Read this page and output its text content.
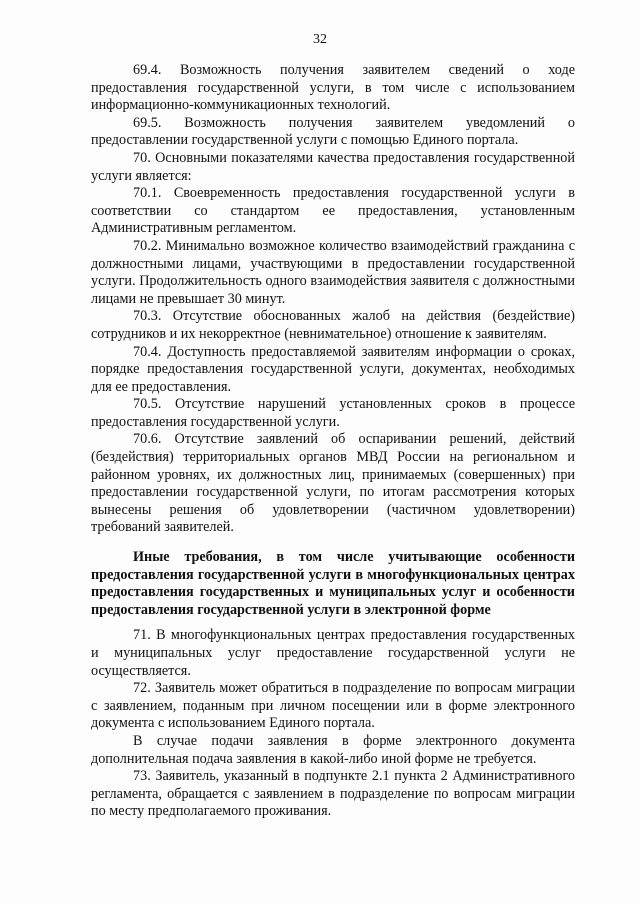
32

69.4. Возможность получения заявителем сведений о ходе предоставления государственной услуги, в том числе с использованием информационно-коммуникационных технологий.

69.5. Возможность получения заявителем уведомлений о предоставлении государственной услуги с помощью Единого портала.

70. Основными показателями качества предоставления государственной услуги является:

70.1. Своевременность предоставления государственной услуги в соответствии со стандартом ее предоставления, установленным Административным регламентом.

70.2. Минимально возможное количество взаимодействий гражданина с должностными лицами, участвующими в предоставлении государственной услуги. Продолжительность одного взаимодействия заявителя с должностными лицами не превышает 30 минут.

70.3. Отсутствие обоснованных жалоб на действия (бездействие) сотрудников и их некорректное (невнимательное) отношение к заявителям.

70.4. Доступность предоставляемой заявителям информации о сроках, порядке предоставления государственной услуги, документах, необходимых для ее предоставления.

70.5. Отсутствие нарушений установленных сроков в процессе предоставления государственной услуги.

70.6. Отсутствие заявлений об оспаривании решений, действий (бездействия) территориальных органов МВД России на региональном и районном уровнях, их должностных лиц, принимаемых (совершенных) при предоставлении государственной услуги, по итогам рассмотрения которых вынесены решения об удовлетворении (частичном удовлетворении) требований заявителей.

Иные требования, в том числе учитывающие особенности предоставления государственной услуги в многофункциональных центрах предоставления государственных и муниципальных услуг и особенности предоставления государственной услуги в электронной форме

71. В многофункциональных центрах предоставления государственных и муниципальных услуг предоставление государственной услуги не осуществляется.

72. Заявитель может обратиться в подразделение по вопросам миграции с заявлением, поданным при личном посещении или в форме электронного документа с использованием Единого портала.

В случае подачи заявления в форме электронного документа дополнительная подача заявления в какой-либо иной форме не требуется.

73. Заявитель, указанный в подпункте 2.1 пункта 2 Административного регламента, обращается с заявлением в подразделение по вопросам миграции по месту предполагаемого проживания.
